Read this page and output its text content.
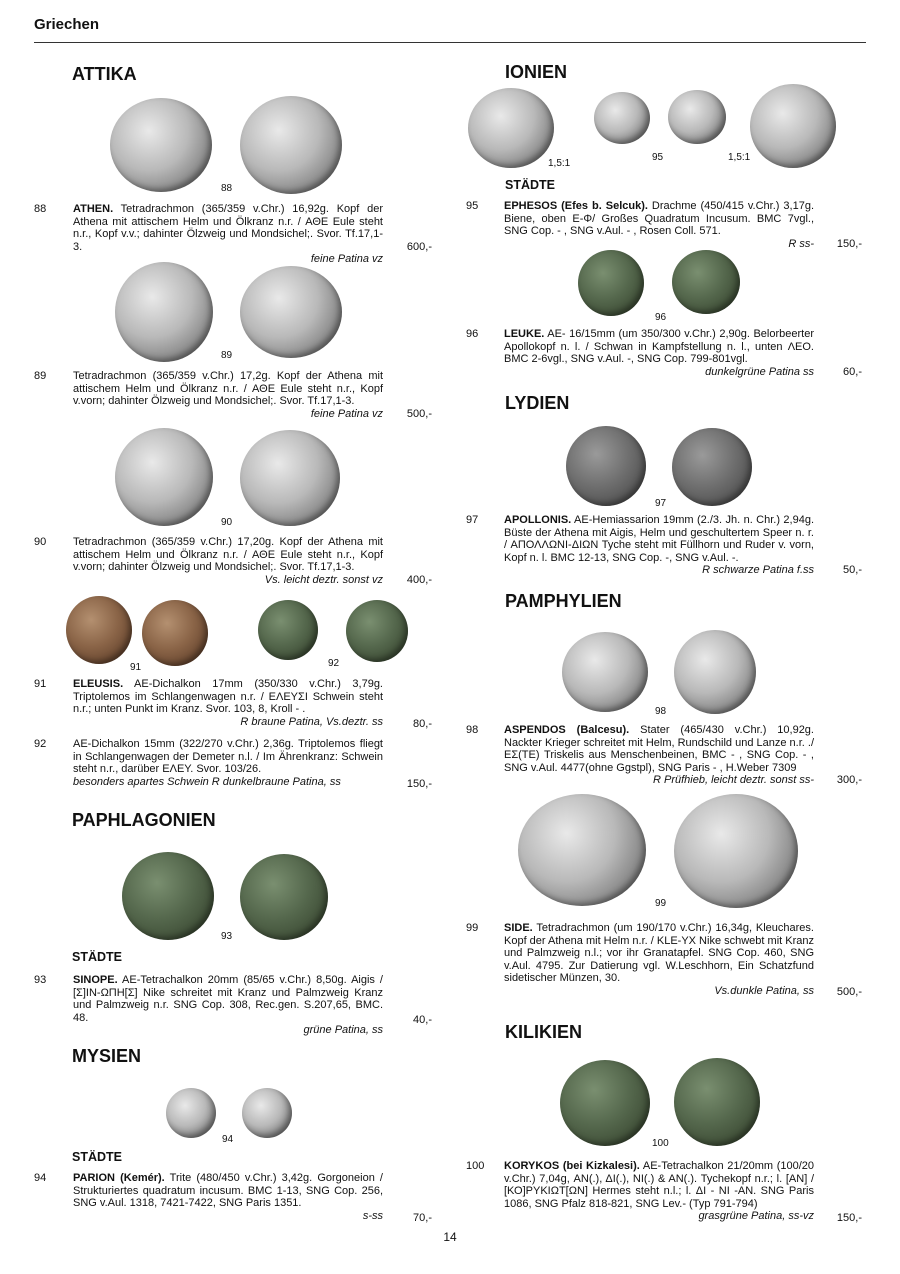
Griechen
ATTIKA
88
88 ATHEN. Tetradrachmon (365/359 v.Chr.) 16,92g. Kopf der Athena mit attischem Helm und Ölkranz n.r. / ΑΘΕ Eule steht n.r., Kopf v.v.; dahinter Ölzweig und Mondsichel;. Svor. Tf.17,1-3.
feine Patina vz
600,-
89
89 Tetradrachmon (365/359 v.Chr.) 17,2g. Kopf der Athena mit attischem Helm und Ölkranz n.r. / ΑΘΕ Eule steht n.r., Kopf v.vorn; dahinter Ölzweig und Mondsichel;. Svor. Tf.17,1-3.
feine Patina vz 500,-
90
90 Tetradrachmon (365/359 v.Chr.) 17,20g. Kopf der Athena mit attischem Helm und Ölkranz n.r. / ΑΘΕ Eule steht n.r., Kopf v.vorn; dahinter Ölzweig und Mondsichel;. Svor. Tf.17,1-3.
Vs. leicht deztr. sonst vz 400,-
91	92
91 ELEUSIS. AE-Dichalkon 17mm (350/330 v.Chr.) 3,79g. Triptolemos im Schlangenwagen n.r. / ΕΛΕΥΣΙ Schwein steht n.r.; unten Punkt im Kranz. Svor. 103, 8, Kroll - .
R braune Patina, Vs.deztr. ss	80,-
92 AE-Dichalkon 15mm (322/270 v.Chr.) 2,36g. Triptolemos fliegt in Schlangenwagen der Demeter n.l. / Im Ährenkranz: Schwein steht n.r., darüber ΕΛΕΥ. Svor. 103/26.
besonders apartes Schwein R dunkelbraune Patina, ss	150,-
PAPHLAGONIEN
93
STÄDTE
93 SINOPE. AE-Tetrachalkon 20mm (85/65 v.Chr.) 8,50g. Aigis / [Σ]ΙΝ-ΩΠΗ[Σ] Nike schreitet mit Kranz und Palmzweig Kranz und Palmzweig n.r. SNG Cop. 308, Rec.gen. S.207,65, BMC. 48.
grüne Patina, ss
40,-
MYSIEN
94
STÄDTE
94 PARION (Kemér). Trite (480/450 v.Chr.) 3,42g. Gorgoneion / Strukturiertes quadratum incusum. BMC 1-13, SNG Cop. 256, SNG v.Aul. 1318, 7421-7422, SNG Paris 1351.
s-ss	70,-
IONIEN
1,5:1
95	1,5:1
STÄDTE
95 EPHESOS (Efes b. Selcuk). Drachme (450/415 v.Chr.) 3,17g. Biene, oben Ε-Φ/ Großes Quadratum Incusum. BMC 7vgl., SNG Cop. - , SNG v.Aul. - , Rosen Coll. 571.
R ss- 150,-
96
96 LEUKE. AE- 16/15mm (um 350/300 v.Chr.) 2,90g. Belorbeerter Apollokopf n. l. / Schwan in Kampfstellung n. l., unten ΛΕΟ. BMC 2-6vgl., SNG v.Aul. -, SNG Cop. 799-801vgl.
dunkelgrüne Patina ss	60,-
LYDIEN
97
97 APOLLONIS. AE-Hemiassarion 19mm (2./3. Jh. n. Chr.) 2,94g. Büste der Athena mit Aigis, Helm und geschultertem Speer n. r. / ΑΠΟΛΛΩΝΙ-ΔΙΩΝ Tyche steht mit Füllhorn und Ruder v. vorn, Kopf n. l. BMC 12-13, SNG Cop. -, SNG v.Aul. -.
R schwarze Patina f.ss	50,-
PAMPHYLIEN
98
98 ASPENDOS (Balcesu). Stater (465/430 v.Chr.) 10,92g. Nackter Krieger schreitet mit Helm, Rundschild und Lanze n.r. ./ ΕΣ(ΤΕ) Triskelis aus Menschenbeinen, BMC - , SNG Cop. - , SNG v.Aul. 4477(ohne Ggstpl), SNG Paris - , H.Weber 7309
R Prüfhieb, leicht deztr. sonst ss- 300,-
99
99 SIDE. Tetradrachmon (um 190/170 v.Chr.) 16,34g, Kleuchares. Kopf der Athena mit Helm n.r. / KLE-YX Nike schwebt mit Kranz und Palmzweig n.l.; vor ihr Granatapfel. SNG Cop. 460, SNG v.Aul. 4795. Zur Datierung vgl. W.Leschhorn, Ein Schatzfund sidetischer Münzen, 30.
Vs.dunkle Patina, ss 500,-
KILIKIEN
100
100 KORYKOS (bei Kizkalesi). AE-Tetrachalkon 21/20mm (100/20 v.Chr.) 7,04g, ΑΝ(.), ΔΙ(.), ΝΙ(.) & ΑΝ(.). Tychekopf n.r.; l. [ΑΝ] / [ΚΟ]ΡΥΚΙΩΤ[ΩΝ] Hermes steht n.l.; l. ΔΙ - ΝΙ -ΑΝ. SNG Paris 1086, SNG Pfalz 818-821, SNG Lev.- (Typ 791-794)
grasgrüne Patina, ss-vz 150,-
14
